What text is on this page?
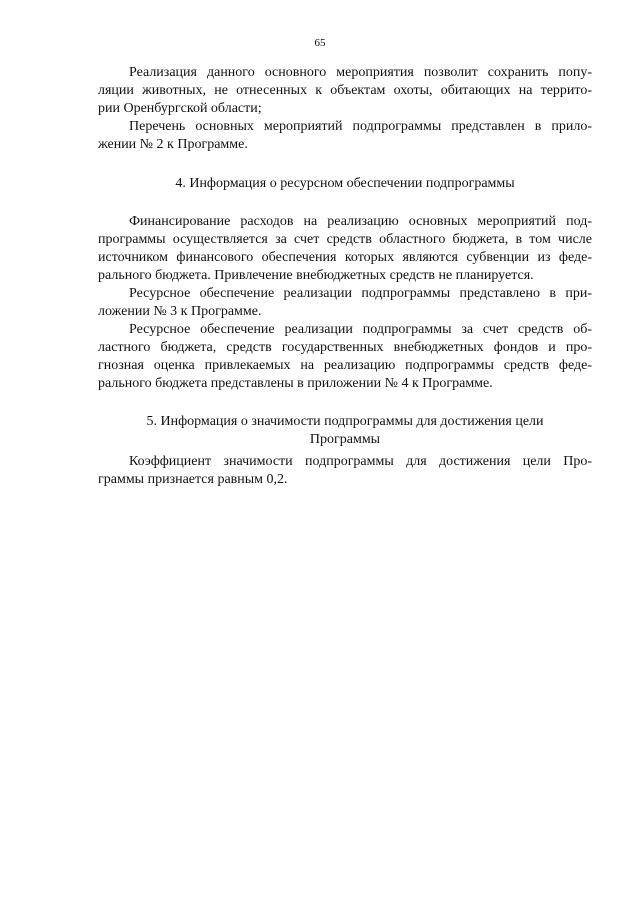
65
Реализация данного основного мероприятия позволит сохранить попу-
ляции животных, не отнесенных к объектам охоты, обитающих на террито-
рии Оренбургской области;
Перечень основных мероприятий подпрограммы представлен в прило-
жении № 2 к Программе.
4. Информация о ресурсном обеспечении подпрограммы
Финансирование расходов на реализацию основных мероприятий под-
программы осуществляется за счет средств областного бюджета, в том числе
источником финансового обеспечения которых являются субвенции из феде-
рального бюджета. Привлечение внебюджетных средств не планируется.
Ресурсное обеспечение реализации подпрограммы представлено в при-
ложении № 3 к Программе.
Ресурсное обеспечение реализации подпрограммы за счет средств об-
ластного бюджета, средств государственных внебюджетных фондов и про-
гнозная оценка привлекаемых на реализацию подпрограммы средств феде-
рального бюджета представлены в приложении № 4 к Программе.
5. Информация о значимости подпрограммы для достижения цели
Программы
Коэффициент значимости подпрограммы для достижения цели Про-
граммы признается равным 0,2.
